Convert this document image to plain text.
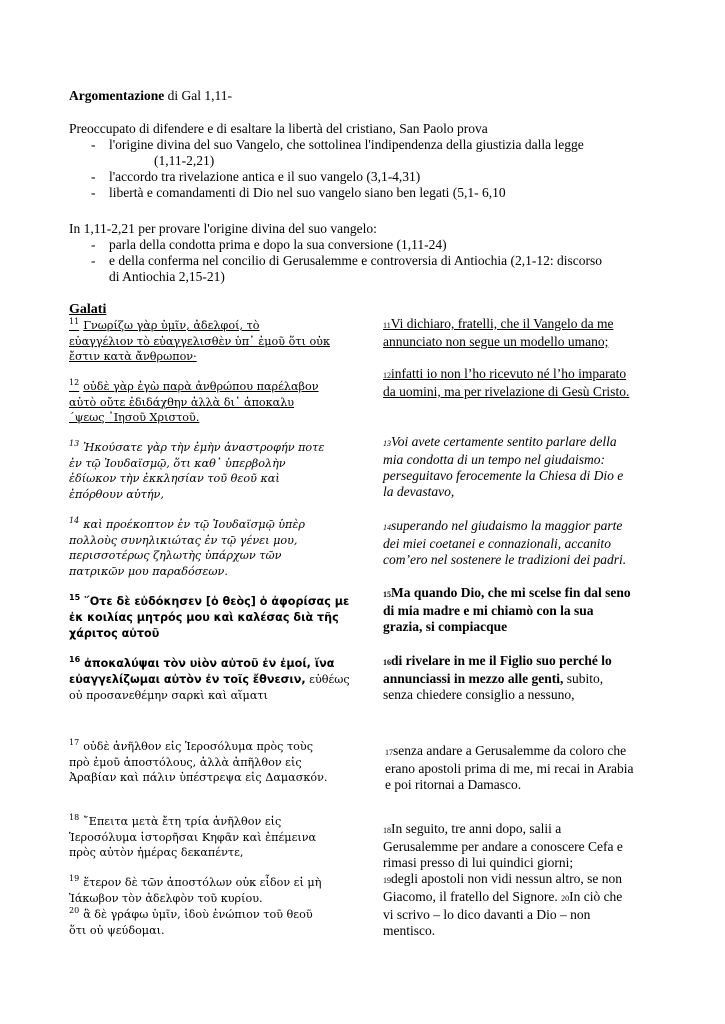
Argomentazione di Gal 1,11-
Preoccupato di difendere e di esaltare la libertà del cristiano, San Paolo prova
- l'origine divina del suo Vangelo, che sottolinea l'indipendenza della giustizia dalla legge
(1,11-2,21)
- l'accordo tra rivelazione antica e il suo vangelo (3,1-4,31)
- libertà e comandamenti di Dio nel suo vangelo siano ben legati (5,1- 6,10
In 1,11-2,21 per provare l'origine divina del suo vangelo:
- parla della condotta prima e dopo la sua conversione (1,11-24)
- e della conferma nel concilio di Gerusalemme e controversia di Antiochia (2,1-12: discorso
di Antiochia 2,15-21)
Galati
$^{11}$ Γνωρίζω γὰρ ὑμῖν, ἀδελφοί, τὸ
εὐαγγέλιον τὸ εὐαγγελισθὲν ὑπ᾽ ἐμοῦ ὅτι οὐκ
ἔστιν κατὰ ἄνθρωπον·
$^{12}$ οὐδὲ γὰρ ἐγὼ παρὰ ἀνθρώπου παρέλαβον
αὐτὸ οὔτε ἐδιδάχθην ἀλλὰ δι᾽ ἀποκαλυ
΄ψεως ᾽Ιησοῦ Χριστοῦ.
$^{13}$ Ἠκούσατε γὰρ τὴν ἐμὴν ἀναστροφήν ποτε
ἐν τῷ Ἰουδαϊσμῷ, ὅτι καθ᾽ ὑπερβολὴν
ἐδίωκον τὴν ἐκκλησίαν τοῦ θεοῦ καὶ
ἐπόρθουν αὐτήν,
$^{14}$ καὶ προέκοπτον ἐν τῷ Ἰουδαϊσμῷ ὑπὲρ
πολλοὺς συνηλικιώτας ἐν τῷ γένει μου,
περισσοτέρως ζηλωτὴς ὑπάρχων τῶν
πατρικῶν μου παραδόσεων.
$^{15}$ ῞Οτε δὲ εὐδόκησεν [ὁ θεὸς] ὁ ἀφορίσας με
ἐκ κοιλίας μητρός μου καὶ καλέσας διὰ τῆς
χάριτος αὐτοῦ
$^{16}$ ἀποκαλύψαι τὸν υἱὸν αὐτοῦ ἐν ἐμοί, ἵνα
εὐαγγελίζωμαι αὐτὸν ἐν τοῖς ἔθνεσιν, εὐθέως
οὐ προσανεθέμην σαρκὶ καὶ αἵματι
$^{17}$ οὐδὲ ἀνῆλθον εἰς Ἱεροσόλυμα πρὸς τοὺς
πρὸ ἐμοῦ ἀποστόλους, ἀλλὰ ἀπῆλθον εἰς
Ἀραβίαν καὶ πάλιν ὑπέστρεψα εἰς Δαμασκόν.
$^{18}$ ῎Επειτα μετὰ ἔτη τρία ἀνῆλθον εἰς
Ἱεροσόλυμα ἱστορῆσαι Κηφᾶν καὶ ἐπέμεινα
πρὸς αὐτὸν ἡμέρας δεκαπέντε,
$^{19}$ ἕτερον δὲ τῶν ἀποστόλων οὐκ εἶδον εἰ μὴ
Ἰάκωβον τὸν ἀδελφὸν τοῦ κυρίου.
$^{20}$ ἃ δὲ γράφω ὑμῖν, ἰδοὺ ἐνώπιον τοῦ θεοῦ
ὅτι οὐ ψεύδομαι.
11Vi dichiaro, fratelli, che il Vangelo da me
annunciato non segue un modello umano;
12infatti io non l’ho ricevuto né l’ho imparato
da uomini, ma per rivelazione di Gesù Cristo.
13Voi avete certamente sentito parlare della
mia condotta di un tempo nel giudaismo:
perseguitavo ferocemente la Chiesa di Dio e
la devastavo,
14superando nel giudaismo la maggior parte
dei miei coetanei e connazionali, accanito
com’ero nel sostenere le tradizioni dei padri.
15Ma quando Dio, che mi scelse fin dal seno
di mia madre e mi chiamò con la sua
grazia, si compiacque
16di rivelare in me il Figlio suo perché lo
annunciassi in mezzo alle genti, subito,
senza chiedere consiglio a nessuno,
17senza andare a Gerusalemme da coloro che
erano apostoli prima di me, mi recai in Arabia
e poi ritornai a Damasco.
18In seguito, tre anni dopo, salii a
Gerusalemme per andare a conoscere Cefa e
rimasi presso di lui quindici giorni;
19degli apostoli non vidi nessun altro, se non
Giacomo, il fratello del Signore. 20In ciò che
vi scrivo – lo dico davanti a Dio – non
mentisco.
